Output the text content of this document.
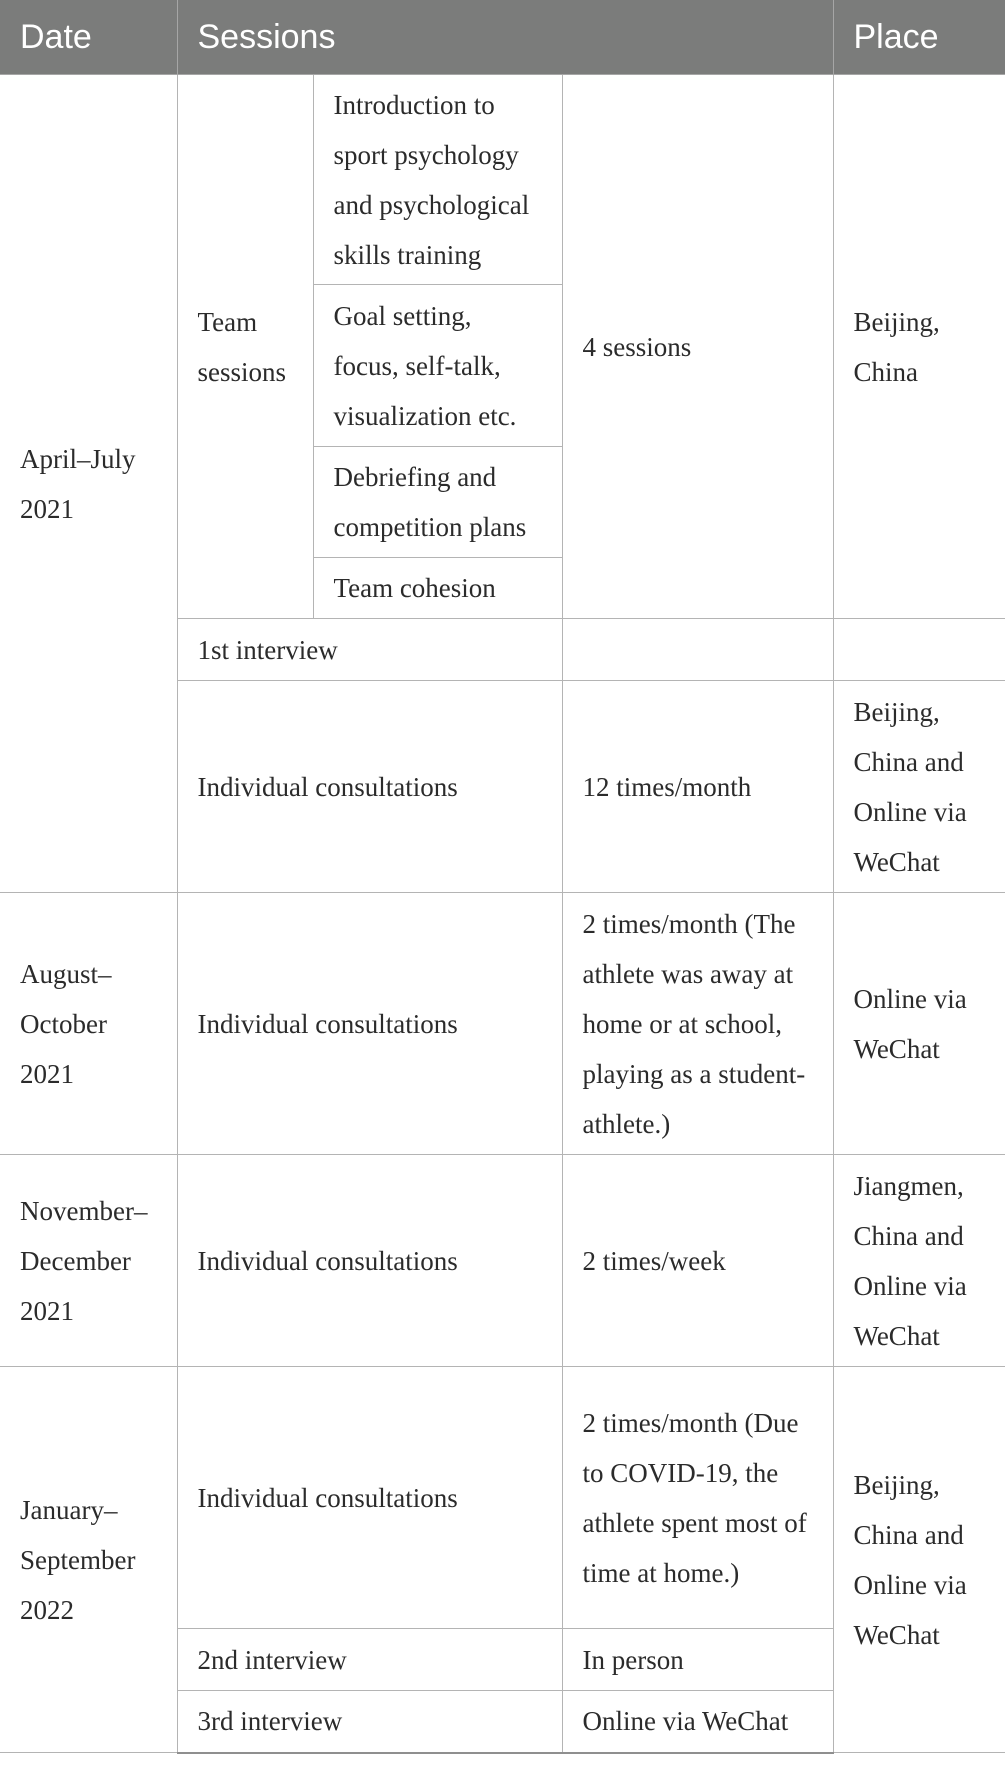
Date	Sessions			Place
April–July 2021	Team sessions	Introduction to sport psychology and psychological skills training	4 sessions	Beijing, China
		Goal setting, focus, self-talk, visualization etc.		
		Debriefing and competition plans		
		Team cohesion		
	1st interview			
	Individual consultations		12 times/month	Beijing, China and Online via WeChat

August–October 2021	Individual consultations		2 times/month (The athlete was away at home or at school, playing as a student-athlete.)	Online via WeChat
November–December 2021	Individual consultations		2 times/week	Jiangmen, China and Online via WeChat
January–September 2022	Individual consultations		2 times/month (Due to COVID-19, the athlete spent most of time at home.)	Beijing, China and Online via WeChat
	2nd interview		In person	
	3rd interview		Online via WeChat	
